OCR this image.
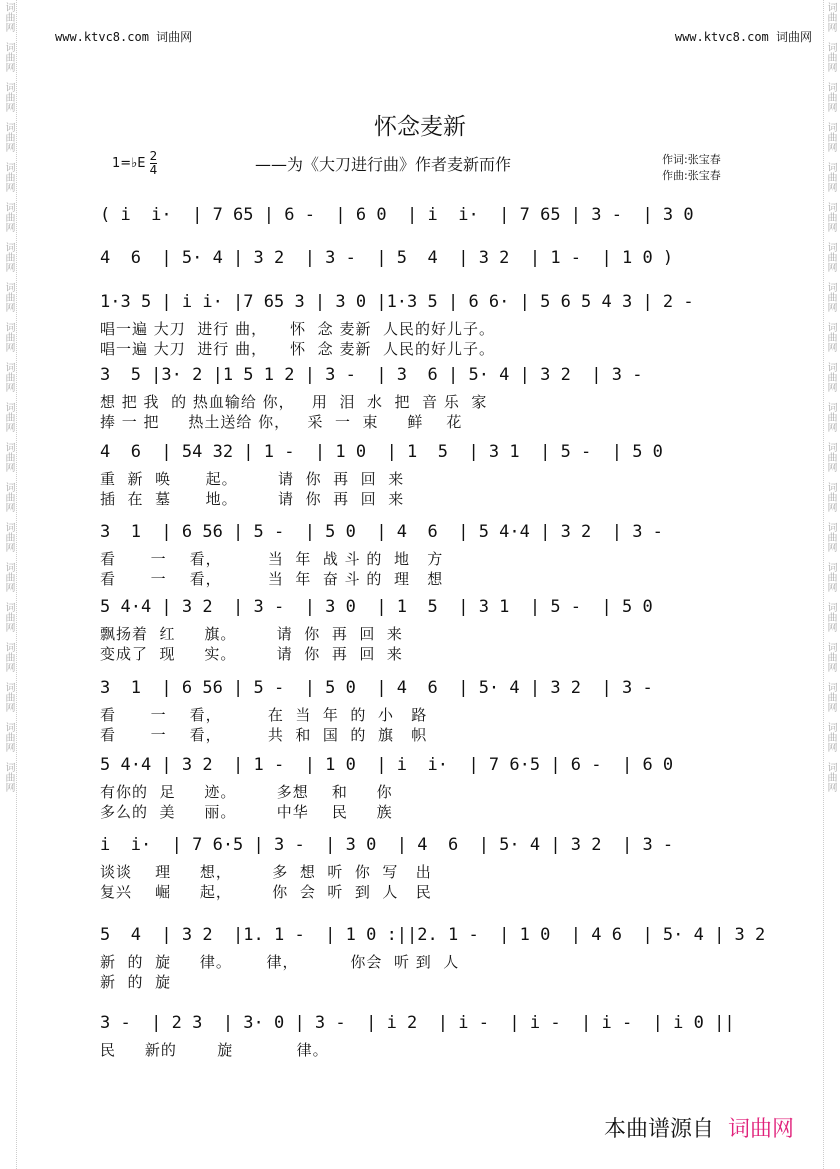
词曲网
词曲网
词曲网
词曲网
词曲网
词曲网
词曲网
词曲网
词曲网
词曲网
词曲网
词曲网
词曲网
词曲网
词曲网
词曲网
词曲网
词曲网
词曲网
词曲网
词曲网
词曲网
词曲网
词曲网
词曲网
词曲网
词曲网
词曲网
词曲网
词曲网
词曲网
词曲网
词曲网
词曲网
词曲网
词曲网
词曲网
词曲网
词曲网
词曲网
www.ktvc8.com 词曲网	www.ktvc8.com 词曲网
怀念麦新
1=♭E $\frac{2}{4}$	——为《大刀进行曲》作者麦新而作	作词:张宝春
作曲:张宝春
( i  i·  | 7 65 | 6 -  | 6 0  | i  i·  | 7 65 | 3 -  | 3 0
4  6  | 5· 4 | 3 2  | 3 -  | 5  4  | 3 2  | 1 -  | 1 0 )
1·3 5 | i i· |7 65 3 | 3 0 |1·3 5 | 6 6· | 5 6 5 4 3 | 2 -
唱一遍 大刀  进行 曲，    怀  念 麦新  人民的好儿子。
唱一遍 大刀  进行 曲，    怀  念 麦新  人民的好儿子。
3  5 |3· 2 |1 5 1 2 | 3 -  | 3  6 | 5· 4 | 3 2  | 3 -
想 把 我  的 热血输给 你，   用  泪  水  把  音 乐  家
捧 一 把     热土送给 你，   采  一  束     鲜    花
4  6  | 54 32 | 1 -  | 1 0  | 1  5  | 3 1  | 5 -  | 5 0
重  新  唤      起。       请  你  再  回  来
插  在  墓      地。       请  你  再  回  来
3  1  | 6 56 | 5 -  | 5 0  | 4  6  | 5 4·4 | 3 2  | 3 -
看      一    看，        当  年  战 斗 的  地   方
看      一    看，        当  年  奋 斗 的  理   想
5 4·4 | 3 2  | 3 -  | 3 0  | 1  5  | 3 1  | 5 -  | 5 0
飘扬着  红     旗。       请  你  再  回  来
变成了  现     实。       请  你  再  回  来
3  1  | 6 56 | 5 -  | 5 0  | 4  6  | 5· 4 | 3 2  | 3 -
看      一    看，        在  当  年  的  小   路
看      一    看，        共  和  国  的  旗   帜
5 4·4 | 3 2  | 1 -  | 1 0  | i  i·  | 7 6·5 | 6 -  | 6 0
有你的  足     迹。       多想    和     你
多么的  美     丽。       中华    民     族
i  i·  | 7 6·5 | 3 -  | 3 0  | 4  6  | 5· 4 | 3 2  | 3 -
谈谈    理     想，       多  想  听  你  写   出
复兴    崛     起，       你  会  听  到  人   民
5  4  | 3 2  |1. 1 -  | 1 0 :||2. 1 -  | 1 0  | 4 6  | 5· 4 | 3 2
新  的  旋     律。      律，         你会  听 到  人
新  的  旋
3 -  | 2 3  | 3· 0 | 3 -  | i 2  | i -  | i -  | i -  | i 0 ||
民     新的       旋           律。
本曲谱源自 词曲网
